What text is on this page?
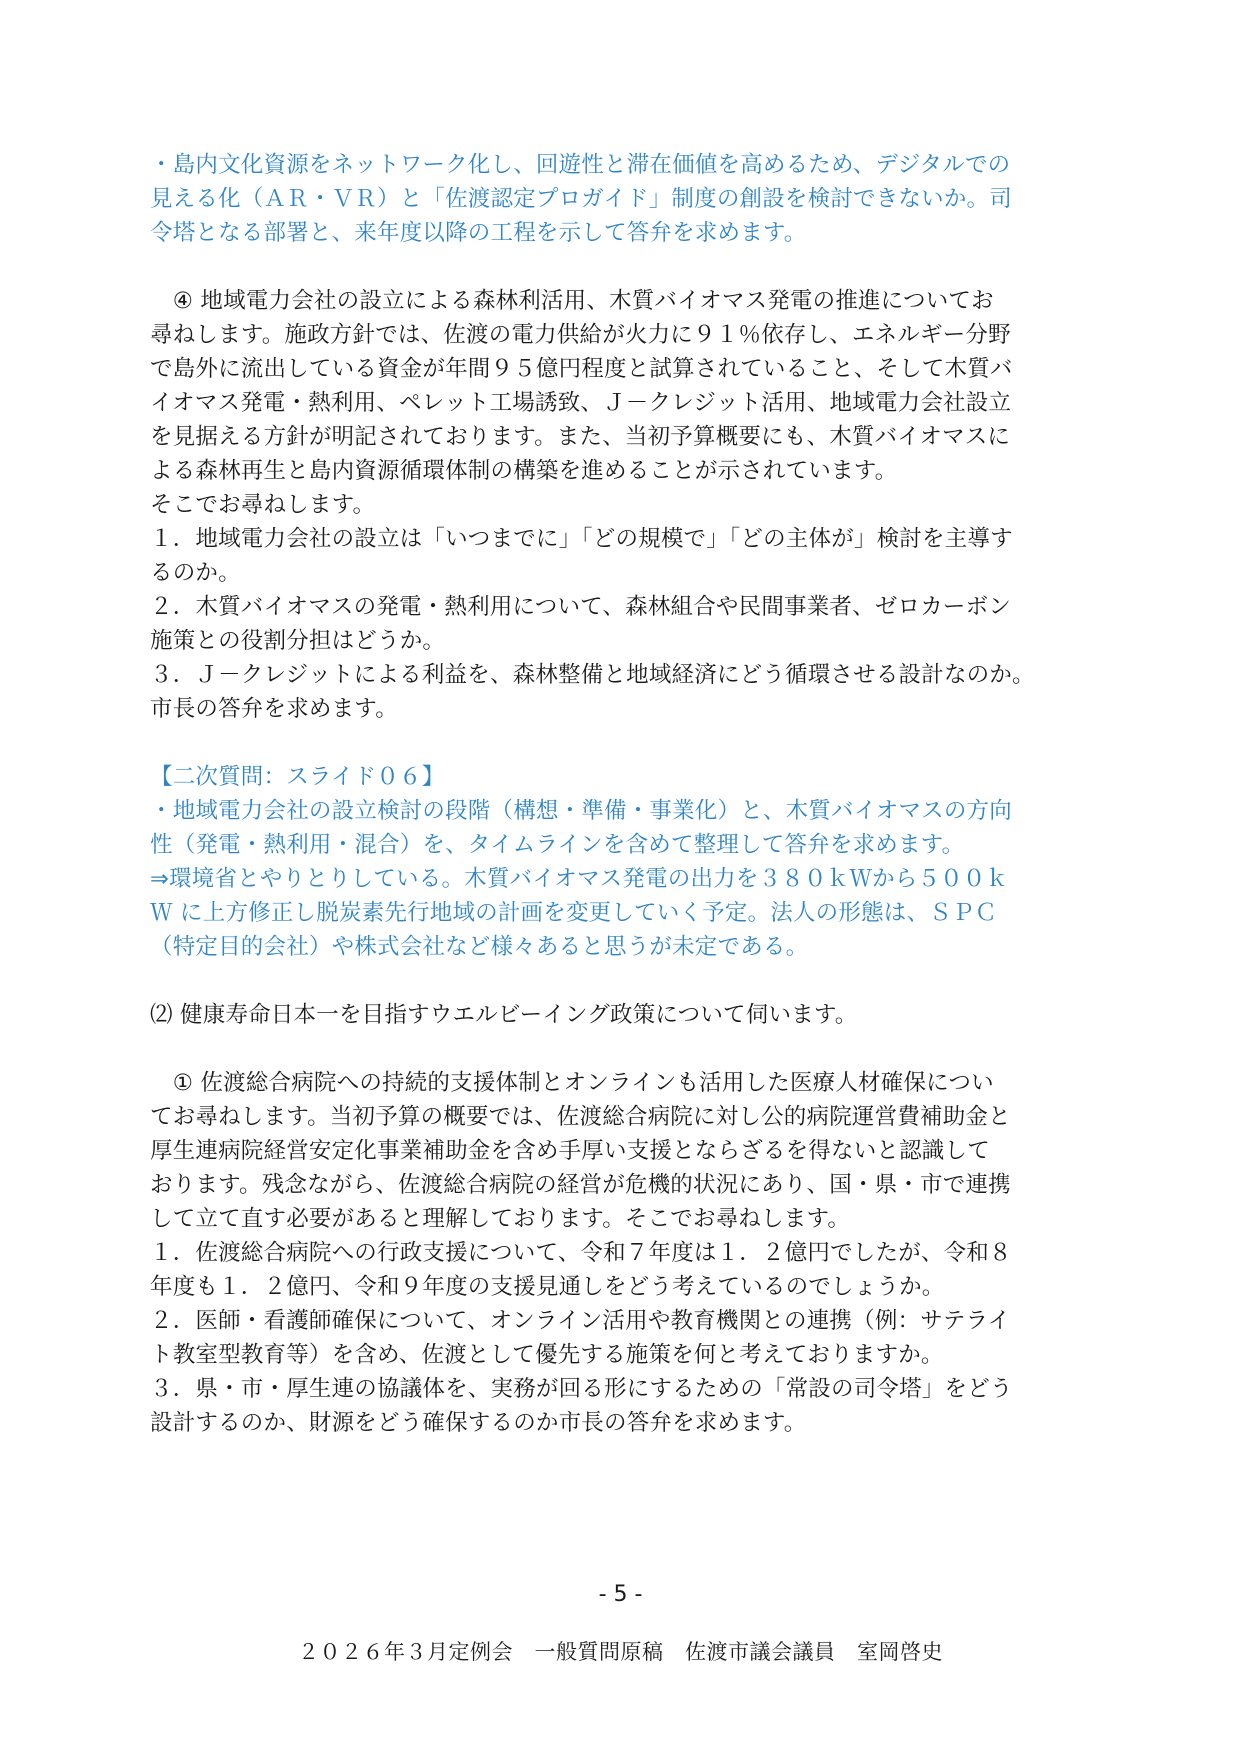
・島内文化資源をネットワーク化し、回遊性と滞在価値を高めるため、デジタルでの
見える化（ＡＲ・ＶＲ）と「佐渡認定プロガイド」制度の創設を検討できないか。司
令塔となる部署と、来年度以降の工程を示して答弁を求めます。
　④ 地域電力会社の設立による森林利活用、木質バイオマス発電の推進についてお
尋ねします。施政方針では、佐渡の電力供給が火力に９１％依存し、エネルギー分野
で島外に流出している資金が年間９５億円程度と試算されていること、そして木質バ
イオマス発電・熱利用、ペレット工場誘致、Ｊ－クレジット活用、地域電力会社設立
を見据える方針が明記されております。また、当初予算概要にも、木質バイオマスに
よる森林再生と島内資源循環体制の構築を進めることが示されています。
そこでお尋ねします。
１．地域電力会社の設立は「いつまでに」「どの規模で」「どの主体が」検討を主導す
るのか。
２．木質バイオマスの発電・熱利用について、森林組合や民間事業者、ゼロカーボン
施策との役割分担はどうか。
３．Ｊ－クレジットによる利益を、森林整備と地域経済にどう循環させる設計なのか。
市長の答弁を求めます。
【二次質問：スライド０６】
・地域電力会社の設立検討の段階（構想・準備・事業化）と、木質バイオマスの方向
性（発電・熱利用・混合）を、タイムラインを含めて整理して答弁を求めます。
⇒環境省とやりとりしている。木質バイオマス発電の出力を３８０ｋＷから５００ｋ
Ｗ に上方修正し脱炭素先行地域の計画を変更していく予定。法人の形態は、ＳＰＣ
（特定目的会社）や株式会社など様々あると思うが未定である。
⑵ 健康寿命日本一を目指すウエルビーイング政策について伺います。
　① 佐渡総合病院への持続的支援体制とオンラインも活用した医療人材確保につい
てお尋ねします。当初予算の概要では、佐渡総合病院に対し公的病院運営費補助金と
厚生連病院経営安定化事業補助金を含め手厚い支援とならざるを得ないと認識して
おります。残念ながら、佐渡総合病院の経営が危機的状況にあり、国・県・市で連携
して立て直す必要があると理解しております。そこでお尋ねします。
１．佐渡総合病院への行政支援について、令和７年度は１．２億円でしたが、令和８
年度も１．２億円、令和９年度の支援見通しをどう考えているのでしょうか。
２．医師・看護師確保について、オンライン活用や教育機関との連携（例：サテライ
ト教室型教育等）を含め、佐渡として優先する施策を何と考えておりますか。
３．県・市・厚生連の協議体を、実務が回る形にするための「常設の司令塔」をどう
設計するのか、財源をどう確保するのか市長の答弁を求めます。
- 5 -
２０２６年３月定例会　一般質問原稿　佐渡市議会議員　室岡啓史
